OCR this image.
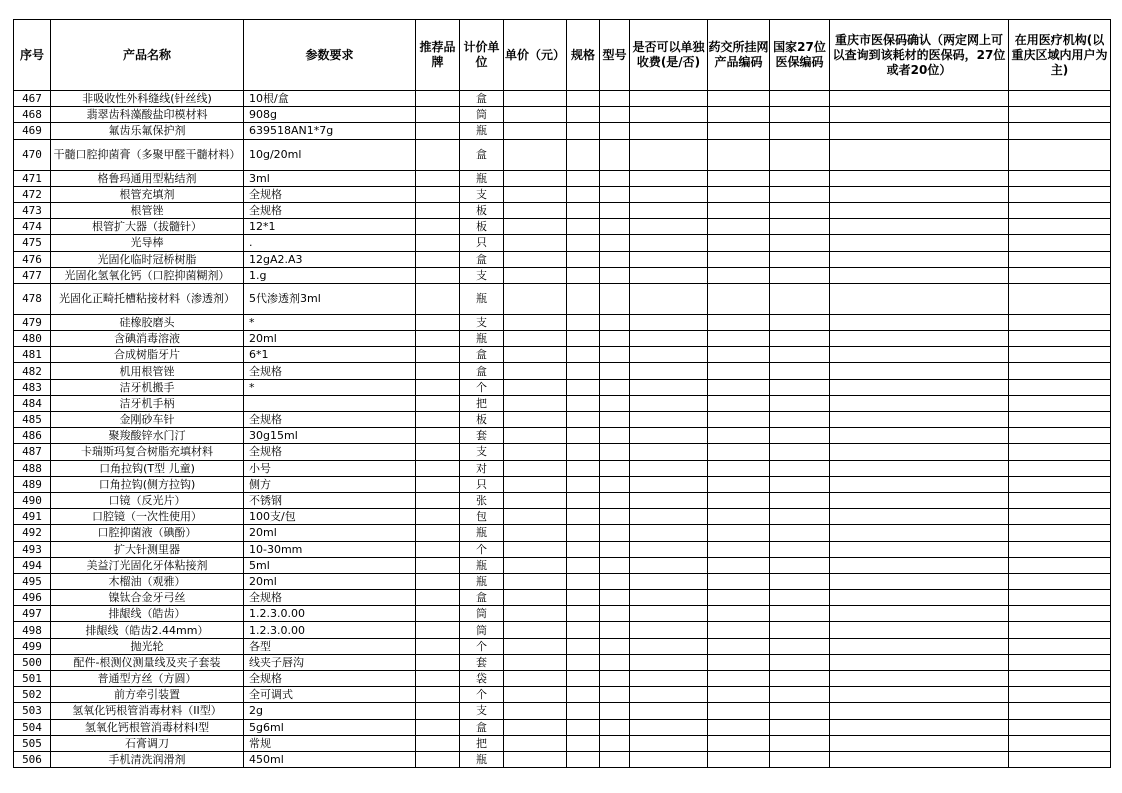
序号	产品名称	参数要求	推荐品牌	计价单位	单价（元）	规格	型号	是否可以单独收费(是/否)	药交所挂网产品编码	国家27位医保编码	重庆市医保码确认（两定网上可以查询到该耗材的医保码，27位或者20位）	在用医疗机构(以重庆区域内用户为主)
467	非吸收性外科缝线(针丝线)	10根/盒		盒								
468	翡翠齿科藻酸盐印模材料	908g		筒								
469	氟齿乐氟保护剂	639518AN1*7g		瓶								
470	干髓口腔抑菌膏（多聚甲醛干髓材料）	10g/20ml		盒								
471	格鲁玛通用型粘结剂	3ml		瓶								
472	根管充填剂	全规格		支								
473	根管锉	全规格		板								
474	根管扩大器（拔髓针）	12*1		板								
475	光导棒	.		只								
476	光固化临时冠桥树脂	12gA2.A3		盒								
477	光固化氢氧化钙（口腔抑菌糊剂）	1.g		支								
478	光固化正畸托槽粘接材料（渗透剂）	5代渗透剂3ml		瓶								
479	硅橡胶磨头	*		支								
480	含碘消毒溶液	20ml		瓶								
481	合成树脂牙片	6*1		盒								
482	机用根管锉	全规格		盒								
483	洁牙机搬手	*		个								
484	洁牙机手柄			把								
485	金刚砂车针	全规格		板								
486	聚羧酸锌水门汀	30g15ml		套								
487	卡瑞斯玛复合树脂充填材料	全规格		支								
488	口角拉钩(T型 儿童)	小号		对								
489	口角拉钩(侧方拉钩)	侧方		只								
490	口镜（反光片）	不锈钢		张								
491	口腔镜（一次性使用）	100支/包		包								
492	口腔抑菌液（碘酚）	20ml		瓶								
493	扩大针测里器	10-30mm		个								
494	美益汀光固化牙体粘接剂	5ml		瓶								
495	木榴油（观雅）	20ml		瓶								
496	镍钛合金牙弓丝	全规格		盒								
497	排龈线（皓齿）	1.2.3.0.00		筒								
498	排龈线（皓齿2.44mm）	1.2.3.0.00		筒								
499	抛光轮	各型		个								
500	配件-根测仪测量线及夹子套装	线夹子唇沟		套								
501	普通型方丝（方圆）	全规格		袋								
502	前方牵引装置	全可调式		个								
503	氢氧化钙根管消毒材料（II型）	2g		支								
504	氢氧化钙根管消毒材料Ⅰ型	5g6ml		盒								
505	石膏调刀	常规		把								
506	手机清洗润滑剂	450ml		瓶								
